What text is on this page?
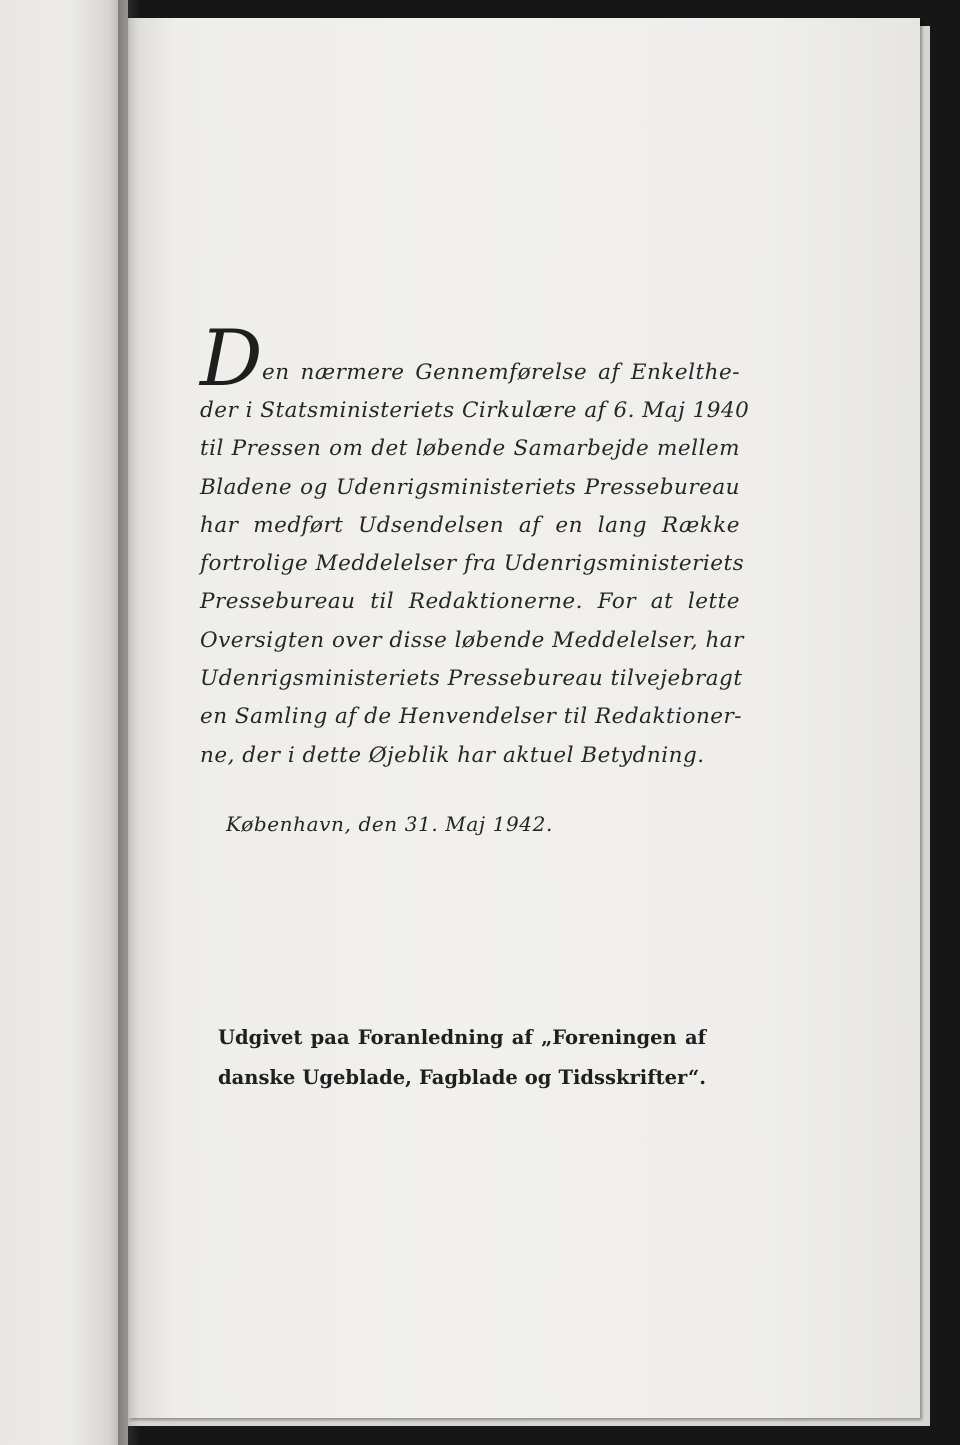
D
en nærmere Gennemførelse af Enkelthe-
der i Statsministeriets Cirkulære af 6. Maj 1940
til Pressen om det løbende Samarbejde mellem
Bladene og Udenrigsministeriets Pressebureau
har medført Udsendelsen af en lang Række
fortrolige Meddelelser fra Udenrigsministeriets
Pressebureau til Redaktionerne. For at lette
Oversigten over disse løbende Meddelelser, har
Udenrigsministeriets Pressebureau tilvejebragt
en Samling af de Henvendelser til Redaktioner-
ne, der i dette Øjeblik har aktuel Betydning.
København, den 31. Maj 1942.
Udgivet paa Foranledning af „Foreningen af
danske Ugeblade, Fagblade og Tidsskrifter“.
